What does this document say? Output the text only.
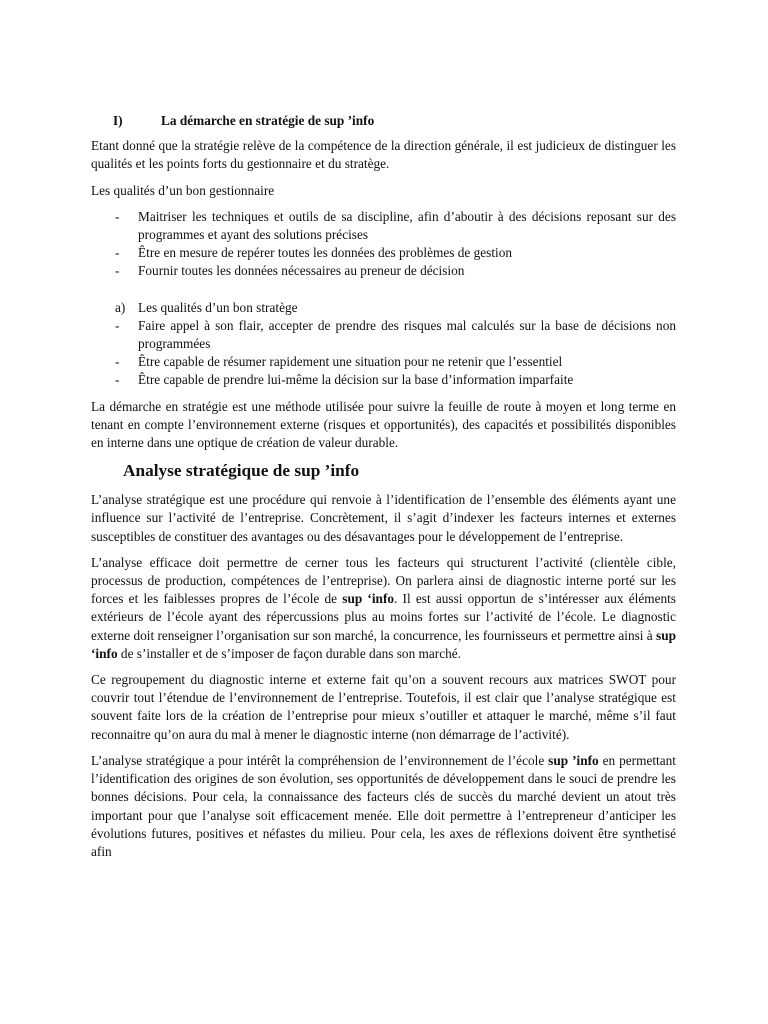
I)	La démarche en stratégie de sup ’info

Etant donné que la stratégie relève de la compétence de la direction générale, il est judicieux de distinguer les qualités et les points forts du gestionnaire et du stratège.

Les qualités d’un bon gestionnaire

-	Maitriser les techniques et outils de sa discipline, afin d’aboutir à des décisions reposant sur des programmes et ayant des solutions précises
-	Être en mesure de repérer toutes les données des problèmes de gestion
-	Fournir toutes les données nécessaires au preneur de décision
a) Les qualités d’un bon stratège
-	Faire appel à son flair, accepter de prendre des risques mal calculés sur la base de décisions non programmées
-	Être capable de résumer rapidement une situation pour ne retenir que l’essentiel
-	Être capable de prendre lui-même la décision sur la base d’information imparfaite

La démarche en stratégie est une méthode utilisée pour suivre la feuille de route à moyen et long terme en tenant en compte l’environnement externe (risques et opportunités), des capacités et possibilités disponibles en interne dans une optique de création de valeur durable.

Analyse stratégique de sup ’info

L’analyse stratégique est une procédure qui renvoie à l’identification de l’ensemble des éléments ayant une influence sur l’activité de l’entreprise. Concrètement, il s’agit d’indexer les facteurs internes et externes susceptibles de constituer des avantages ou des désavantages pour le développement de l’entreprise.

L’analyse efficace doit permettre de cerner tous les facteurs qui structurent l’activité (clientèle cible, processus de production, compétences de l’entreprise). On parlera ainsi de diagnostic interne porté sur les forces et les faiblesses propres de l’école de sup ‘info. Il est aussi opportun de s’intéresser aux éléments extérieurs de l’école ayant des répercussions plus au moins fortes sur l’activité de l’école. Le diagnostic externe doit renseigner l’organisation sur son marché, la concurrence, les fournisseurs et permettre ainsi à sup ‘info de s’installer et de s’imposer de façon durable dans son marché.

Ce regroupement du diagnostic interne et externe fait qu’on a souvent recours aux matrices SWOT pour couvrir tout l’étendue de l’environnement de l’entreprise. Toutefois, il est clair que l’analyse stratégique est souvent faite lors de la création de l’entreprise pour mieux s’outiller et attaquer le marché, même s’il faut reconnaitre qu’on aura du mal à mener le diagnostic interne (non démarrage de l’activité).

L’analyse stratégique a pour intérêt la compréhension de l’environnement de l’école sup ’info en permettant l’identification des origines de son évolution, ses opportunités de développement dans le souci de prendre les bonnes décisions. Pour cela, la connaissance des facteurs clés de succès du marché devient un atout très important pour que l’analyse soit efficacement menée. Elle doit permettre à l’entrepreneur d’anticiper les évolutions futures, positives et néfastes du milieu. Pour cela, les axes de réflexions doivent être synthetisé afin
